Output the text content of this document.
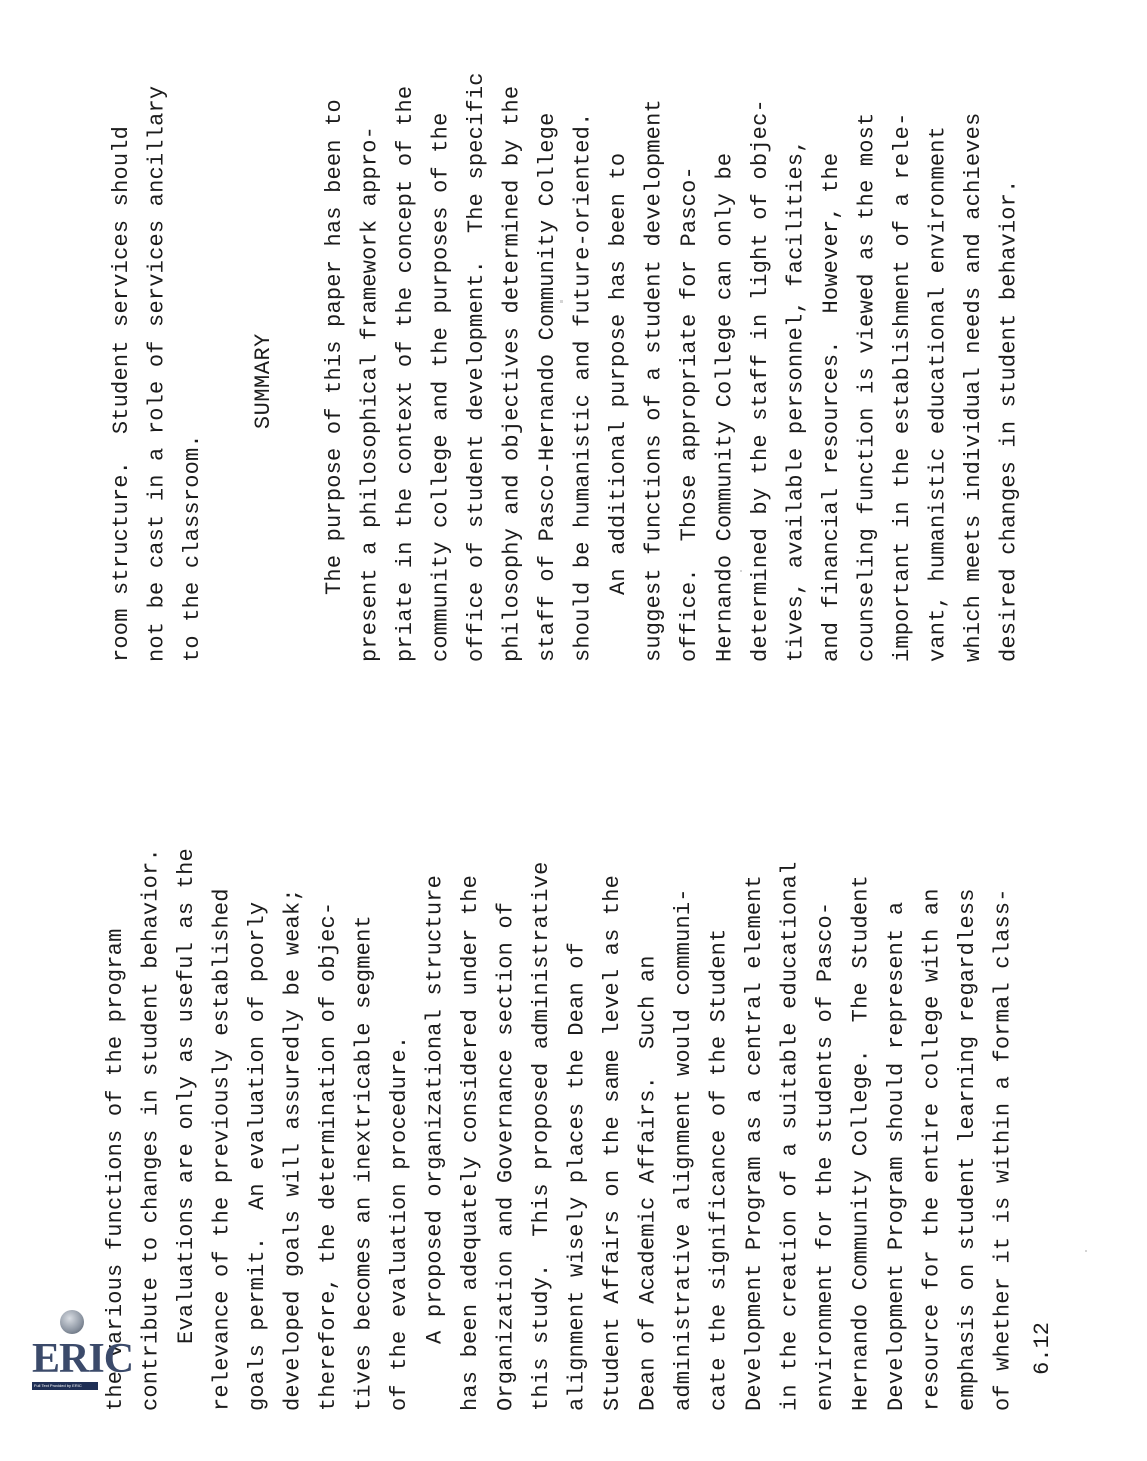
room structure.  Student services should not be cast in a role of services ancillary to the classroom.
SUMMARY
The purpose of this paper has been to present a philosophical framework appro- priate in the context of the concept of the community college and the purposes of the office of student development.  The specific philosophy and objectives determined by the staff of Pasco-Hernando Community College should be humanistic and future-oriented. An additional purpose has been to suggest functions of a student development office.  Those appropriate for Pasco- Hernando Community College can only be determined by the staff in light of objec- tives, available personnel, facilities, and financial resources.  However, the counseling function is viewed as the most important in the establishment of a rele- vant, humanistic educational environment which meets individual needs and achieves desired changes in student behavior.
the various functions of the program contribute to changes in student behavior. Evaluations are only as useful as the relevance of the previously established goals permit.  An evaluation of poorly developed goals will assuredly be weak; therefore, the determination of objec- tives becomes an inextricable segment of the evaluation procedure. A proposed organizational structure has been adequately considered under the Organization and Governance section of this study.  This proposed administrative alignment wisely places the Dean of Student Affairs on the same level as the Dean of Academic Affairs.  Such an administrative alignment would communi- cate the significance of the Student Development Program as a central element in the creation of a suitable educational environment for the students of Pasco- Hernando Community College.  The Student Development Program should represent a resource for the entire college with an emphasis on student learning regardless of whether it is within a formal class- 6.12
ERIC
Full Text Provided by ERIC
